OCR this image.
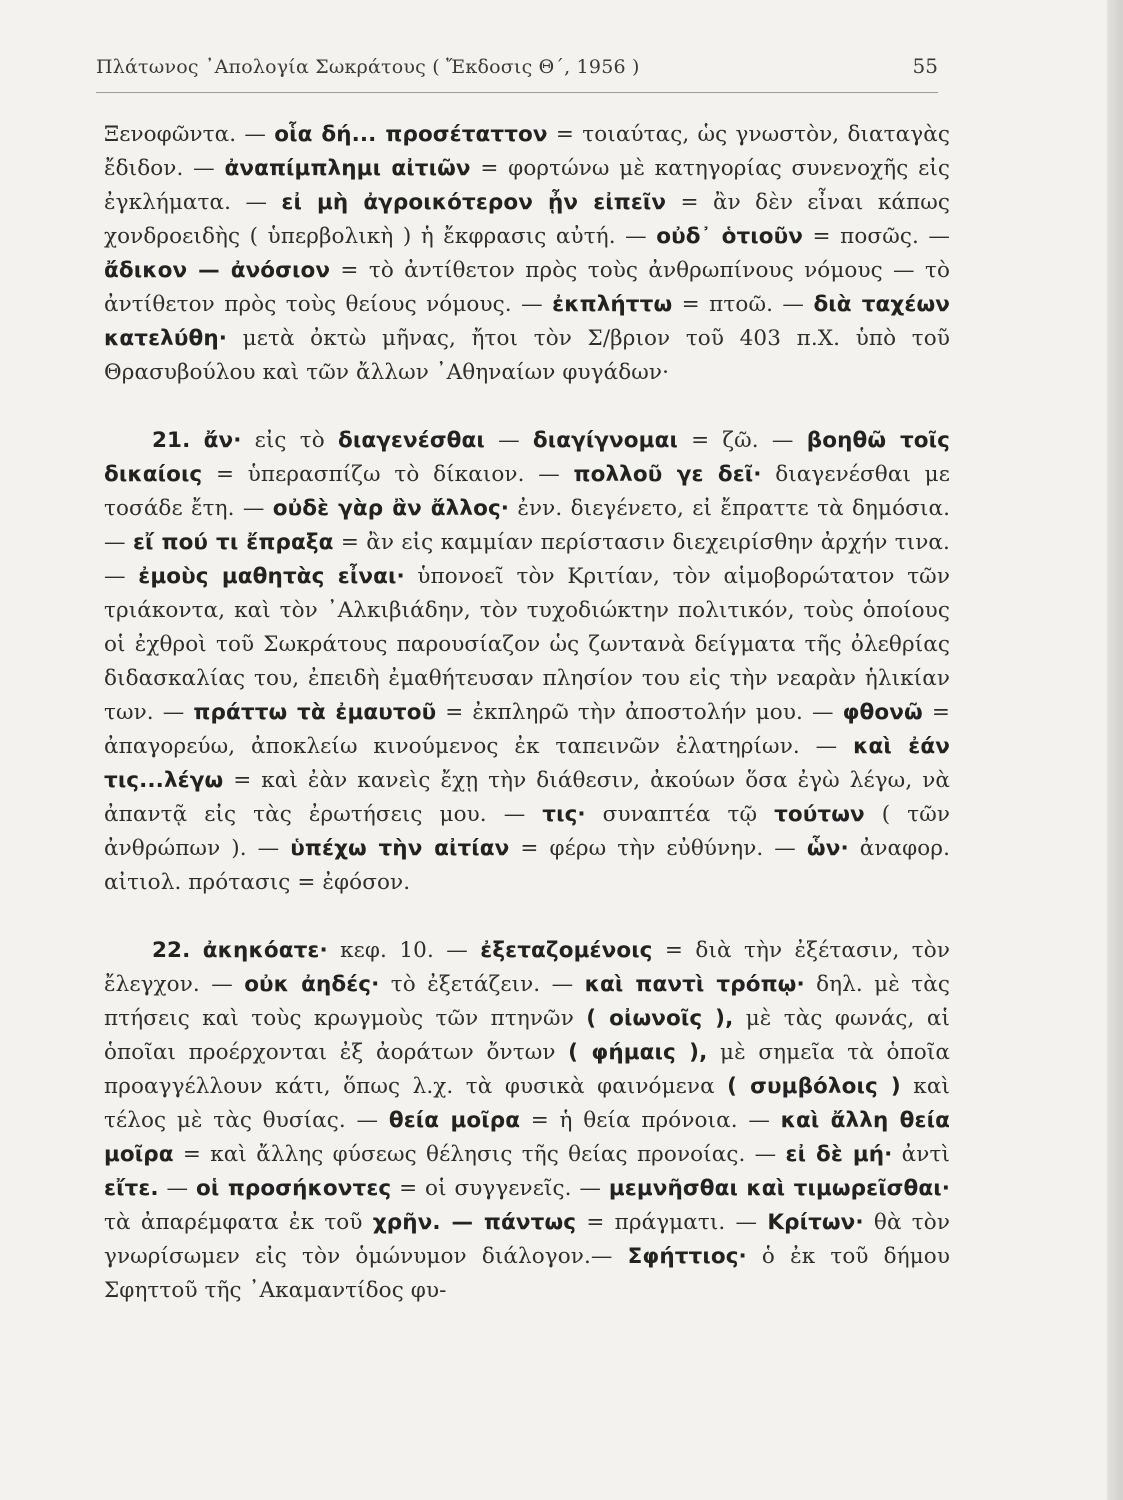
Πλάτωνος ᾿Απολογία Σωκράτους ( Ἔκδοσις Θ΄, 1956 )	55

Ξενοφῶντα. — οἷα δή... προσέταττον = τοιαύτας, ὡς γνωστὸν, διαταγὰς ἔδιδον. — ἀναπίμπλημι αἰτιῶν = φορτώνω μὲ κατηγορίας συνενοχῆς εἰς ἐγκλήματα. — εἰ μὴ ἀγροικότερον ᾖν εἰπεῖν = ἂν δὲν εἶναι κάπως χονδροειδὴς ( ὑπερβολικὴ ) ἡ ἔκφρασις αὐτή. — οὐδ᾿ ὁτιοῦν = ποσῶς. — ἄδικον — ἀνόσιον = τὸ ἀντίθετον πρὸς τοὺς ἀνθρωπίνους νόμους — τὸ ἀντίθετον πρὸς τοὺς θείους νόμους. — ἐκπλήττω = πτοῶ. — διὰ ταχέων κατελύθη· μετὰ ὀκτὼ μῆνας, ἤτοι τὸν Σ/βριον τοῦ 403 π.Χ. ὑπὸ τοῦ Θρασυβούλου καὶ τῶν ἄλλων ᾿Αθηναίων φυγάδων·

21. ἄν· εἰς τὸ διαγενέσθαι — διαγίγνομαι = ζῶ. — βοηθῶ τοῖς δικαίοις = ὑπερασπίζω τὸ δίκαιον. — πολλοῦ γε δεῖ· διαγενέσθαι με τοσάδε ἔτη. — οὐδὲ γὰρ ἂν ἄλλος· ἐνν. διεγένετο, εἰ ἔπραττε τὰ δημόσια. — εἴ πού τι ἔπραξα = ἂν εἰς καμμίαν περίστασιν διεχειρίσθην ἀρχήν τινα. — ἐμοὺς μαθητὰς εἶναι· ὑπονοεῖ τὸν Κριτίαν, τὸν αἱμοβορώτατον τῶν τριάκοντα, καὶ τὸν ᾿Αλκιβιάδην, τὸν τυχοδιώκτην πολιτικόν, τοὺς ὁποίους οἱ ἐχθροὶ τοῦ Σωκράτους παρουσίαζον ὡς ζωντανὰ δείγματα τῆς ὀλεθρίας διδασκαλίας του, ἐπειδὴ ἐμαθήτευσαν πλησίον του εἰς τὴν νεαρὰν ἡλικίαν των. — πράττω τὰ ἐμαυτοῦ = ἐκπληρῶ τὴν ἀποστολήν μου. — φθονῶ = ἀπαγορεύω, ἀποκλείω κινούμενος ἐκ ταπεινῶν ἐλατηρίων. — καὶ ἐάν τις...λέγω = καὶ ἐὰν κανεὶς ἔχῃ τὴν διάθεσιν, ἀκούων ὅσα ἐγὼ λέγω, νὰ ἀπαντᾷ εἰς τὰς ἐρωτήσεις μου. — τις· συναπτέα τῷ τούτων ( τῶν ἀνθρώπων ). — ὑπέχω τὴν αἰτίαν = φέρω τὴν εὐθύνην. — ὧν· ἀναφορ. αἰτιολ. πρότασις = ἐφόσον.

22. ἀκηκόατε· κεφ. 10. — ἐξεταζομένοις = διὰ τὴν ἐξέτασιν, τὸν ἔλεγχον. — οὐκ ἀηδές· τὸ ἐξετάζειν. — καὶ παντὶ τρόπῳ· δηλ. μὲ τὰς πτήσεις καὶ τοὺς κρωγμοὺς τῶν πτηνῶν ( οἰωνοῖς ), μὲ τὰς φωνάς, αἱ ὁποῖαι προέρχονται ἐξ ἀοράτων ὄντων ( φήμαις ), μὲ σημεῖα τὰ ὁποῖα προαγγέλλουν κάτι, ὅπως λ.χ. τὰ φυσικὰ φαινόμενα ( συμβόλοις ) καὶ τέλος μὲ τὰς θυσίας. — θεία μοῖρα = ἡ θεία πρόνοια. — καὶ ἄλλη θεία μοῖρα = καὶ ἄλλης φύσεως θέλησις τῆς θείας προνοίας. — εἰ δὲ μή· ἀντὶ εἴτε. — οἱ προσήκοντες = οἱ συγγενεῖς. — μεμνῆσθαι καὶ τιμωρεῖσθαι· τὰ ἀπαρέμφατα ἐκ τοῦ χρῆν. — πάντως = πράγματι. — Κρίτων· θὰ τὸν γνωρίσωμεν εἰς τὸν ὁμώνυμον διάλογον.— Σφήττιος· ὁ ἐκ τοῦ δήμου Σφηττοῦ τῆς ᾿Ακαμαντίδος φυ-
